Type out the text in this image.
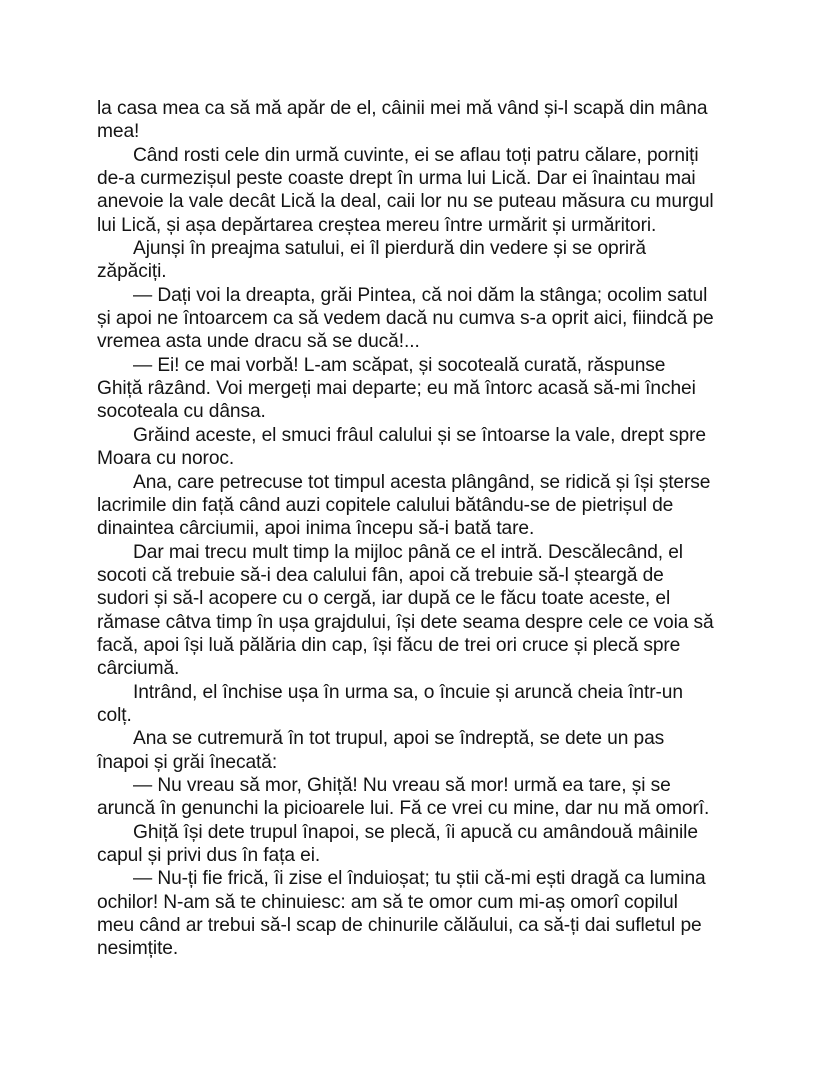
la casa mea ca să mă apăr de el, câinii mei mă vând și-l scapă din mâna
mea!
Când rosti cele din urmă cuvinte, ei se aflau toți patru călare, porniți
de-a curmezișul peste coaste drept în urma lui Lică. Dar ei înaintau mai
anevoie la vale decât Lică la deal, caii lor nu se puteau măsura cu murgul
lui Lică, și așa depărtarea creștea mereu între urmărit și urmăritori.
Ajunși în preajma satului, ei îl pierdură din vedere și se opriră
zăpăciți.
— Dați voi la dreapta, grăi Pintea, că noi dăm la stânga; ocolim satul
și apoi ne întoarcem ca să vedem dacă nu cumva s-a oprit aici, fiindcă pe
vremea asta unde dracu să se ducă!...
— Ei! ce mai vorbă! L-am scăpat, și socoteală curată, răspunse
Ghiță râzând. Voi mergeți mai departe; eu mă întorc acasă să-mi închei
socoteala cu dânsa.
Grăind aceste, el smuci frâul calului și se întoarse la vale, drept spre
Moara cu noroc.
Ana, care petrecuse tot timpul acesta plângând, se ridică și își șterse
lacrimile din față când auzi copitele calului bătându-se de pietrișul de
dinaintea cârciumii, apoi inima începu să-i bată tare.
Dar mai trecu mult timp la mijloc până ce el intră. Descălecând, el
socoti că trebuie să-i dea calului fân, apoi că trebuie să-l șteargă de
sudori și să-l acopere cu o cergă, iar după ce le făcu toate aceste, el
rămase câtva timp în ușa grajdului, își dete seama despre cele ce voia să
facă, apoi își luă pălăria din cap, își făcu de trei ori cruce și plecă spre
cârciumă.
Intrând, el închise ușa în urma sa, o încuie și aruncă cheia într-un
colț.
Ana se cutremură în tot trupul, apoi se îndreptă, se dete un pas
înapoi și grăi înecată:
— Nu vreau să mor, Ghiță! Nu vreau să mor! urmă ea tare, și se
aruncă în genunchi la picioarele lui. Fă ce vrei cu mine, dar nu mă omorî.
Ghiță își dete trupul înapoi, se plecă, îi apucă cu amândouă mâinile
capul și privi dus în fața ei.
— Nu-ți fie frică, îi zise el înduioșat; tu știi că-mi ești dragă ca lumina
ochilor! N-am să te chinuiesc: am să te omor cum mi-aș omorî copilul
meu când ar trebui să-l scap de chinurile călăului, ca să-ți dai sufletul pe
nesimțite.
